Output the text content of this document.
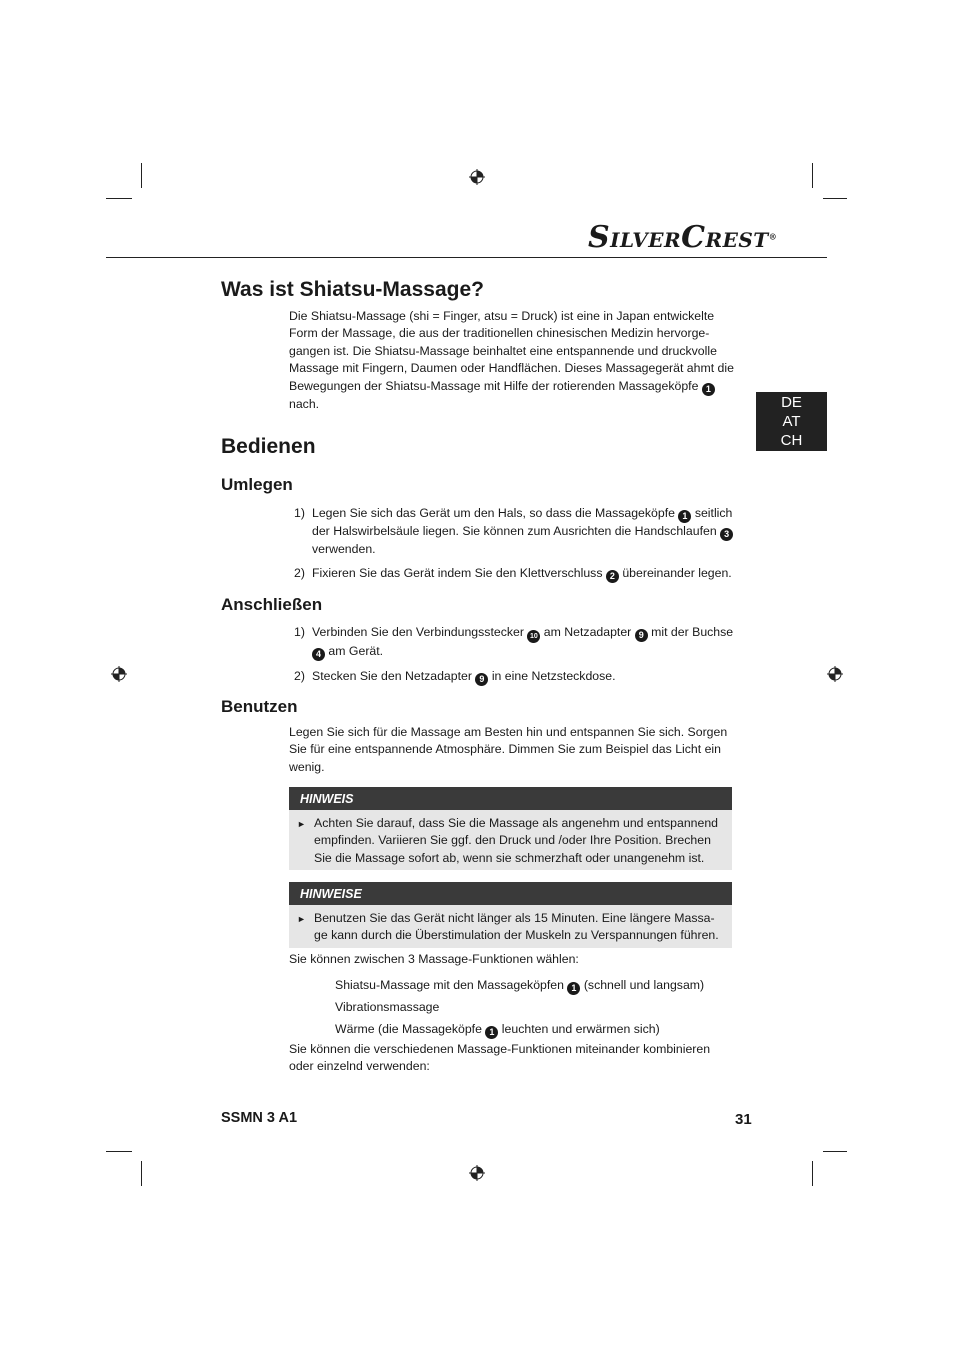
SILVERCREST®
DE
AT
CH
Was ist Shiatsu-Massage?

Die Shiatsu-Massage (shi = Finger, atsu = Druck) ist eine in Japan entwickelte Form der Massage, die aus der traditionellen chinesischen Medizin hervorge-gangen ist. Die Shiatsu-Massage beinhaltet eine entspannende und druckvolle Massage mit Fingern, Daumen oder Handflächen. Dieses Massagegerät ahmt die Bewegungen der Shiatsu-Massage mit Hilfe der rotierenden Massageköpfe 1 nach.

Bedienen
Umlegen
1) Legen Sie sich das Gerät um den Hals, so dass die Massageköpfe 1 seitlich der Halswirbelsäule liegen. Sie können zum Ausrichten die Handschlaufen 3 verwenden.
2) Fixieren Sie das Gerät indem Sie den Klettverschluss 2 übereinander legen.
Anschließen
1) Verbinden Sie den Verbindungsstecker 10 am Netzadapter 9 mit der Buchse 4 am Gerät.
2) Stecken Sie den Netzadapter 9 in eine Netzsteckdose.
Benutzen

Legen Sie sich für die Massage am Besten hin und entspannen Sie sich. Sorgen Sie für eine entspannende Atmosphäre. Dimmen Sie zum Beispiel das Licht ein wenig.

HINWEIS
► Achten Sie darauf, dass Sie die Massage als angenehm und entspannend empfinden. Variieren Sie ggf. den Druck und /oder Ihre Position. Brechen Sie die Massage sofort ab, wenn sie schmerzhaft oder unangenehm ist.
HINWEISE
► Benutzen Sie das Gerät nicht länger als 15 Minuten. Eine längere Massa-ge kann durch die Überstimulation der Muskeln zu Verspannungen führen.

Sie können zwischen 3 Massage-Funktionen wählen:

Shiatsu-Massage mit den Massageköpfen 1 (schnell und langsam)
Vibrationsmassage
Wärme (die Massageköpfe 1 leuchten und erwärmen sich)

Sie können die verschiedenen Massage-Funktionen miteinander kombinieren oder einzelnd verwenden:

SSMN 3 A1	31
